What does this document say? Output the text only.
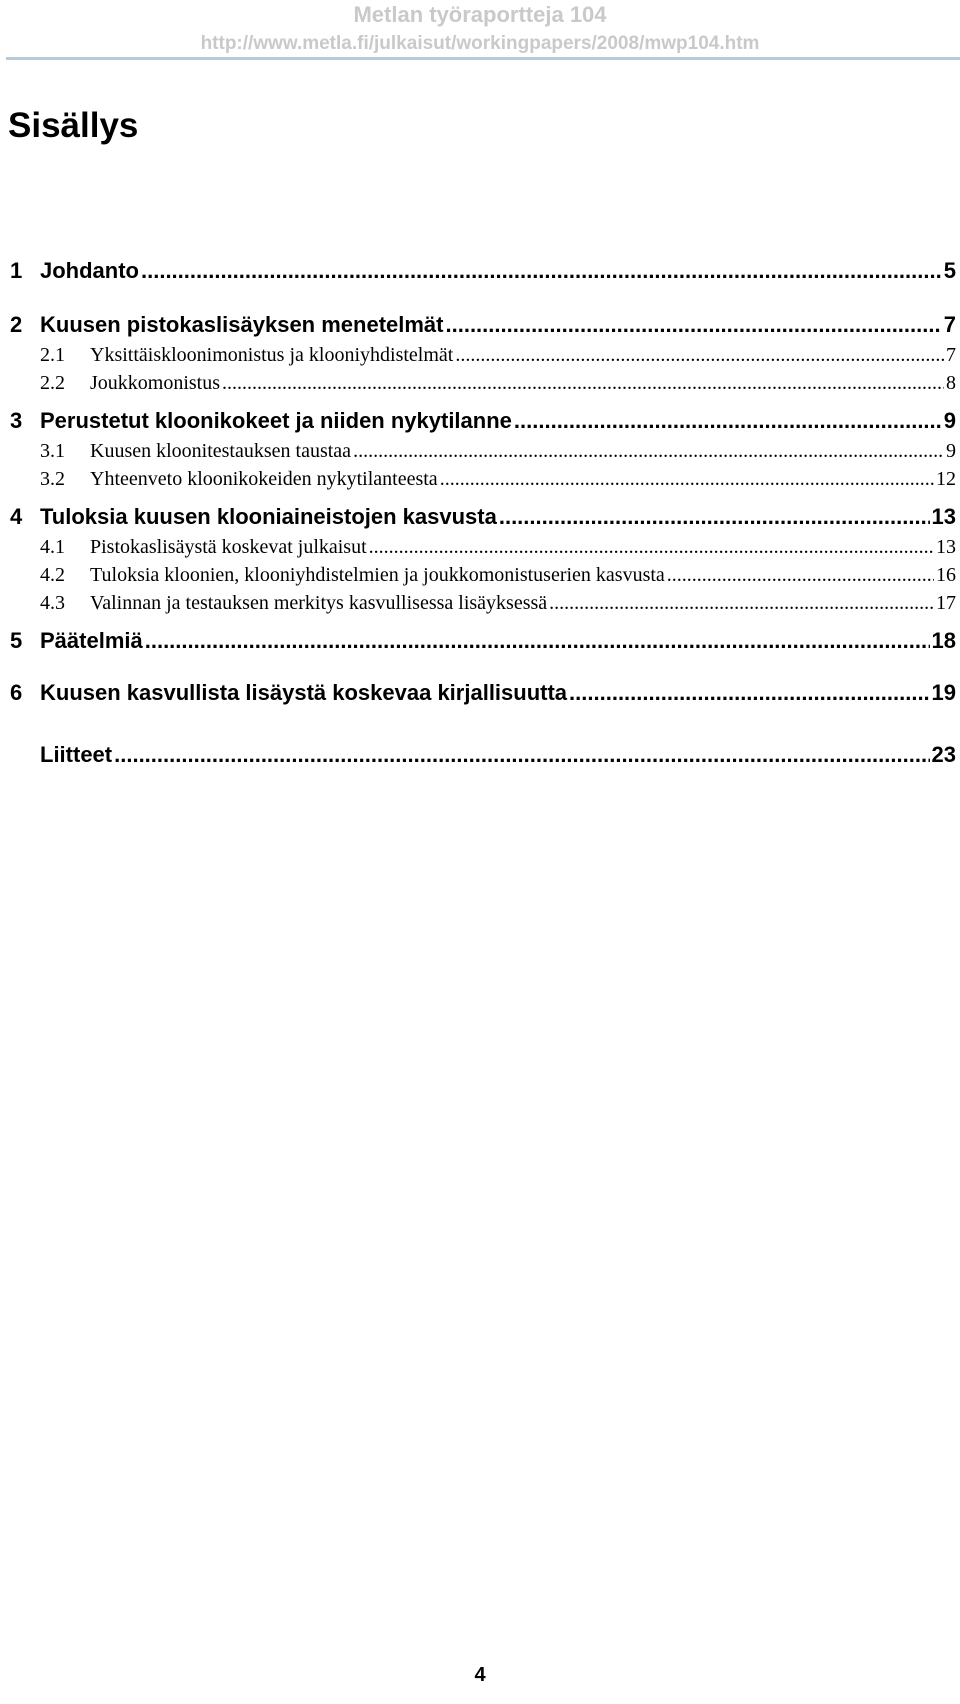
Metlan työraportteja 104
http://www.metla.fi/julkaisut/workingpapers/2008/mwp104.htm
Sisällys
1 Johdanto .....	5
2 Kuusen pistokaslisäyksen menetelmät .....	7
2.1 Yksittäiskloonimonistus ja klooniyhdistelmät .....	7
2.2 Joukkomonistus .....	8
3 Perustetut kloonikokeet ja niiden nykytilanne .....	9
3.1 Kuusen kloonitestauksen taustaa .....	9
3.2 Yhteenveto kloonikokeiden nykytilanteesta .....	12
4 Tuloksia kuusen klooniaineistojen kasvusta .....	13
4.1 Pistokaslisäystä koskevat julkaisut .....	13
4.2 Tuloksia kloonien, klooniyhdistelmien ja joukkomonistuserien kasvusta .....	16
4.3 Valinnan ja testauksen merkitys kasvullisessa lisäyksessä .....	17
5 Päätelmiä .....	18
6 Kuusen kasvullista lisäystä koskevaa kirjallisuutta .....	19
Liitteet .....	23
4
